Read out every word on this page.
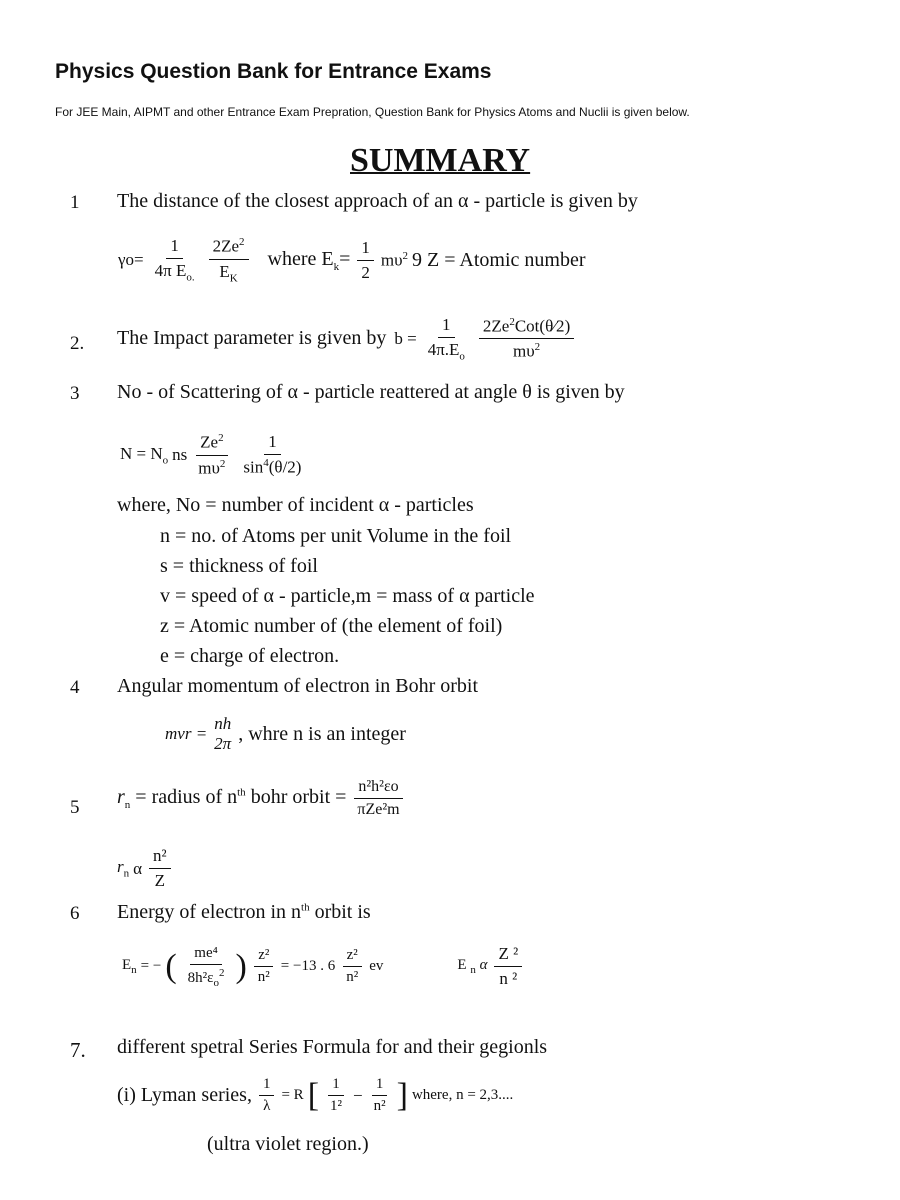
Physics Question Bank for Entrance Exams
For JEE Main, AIPMT and other Entrance Exam Prepration, Question Bank for Physics Atoms and Nuclii is given below.
SUMMARY
1 The distance of the closest approach of an α - particle is given by
$\gamma o= \frac{1}{4\pi E_{o.}} 2Ze^2$
$E_K$
where $E_k= \frac{1}{2} m\upsilon^2$ 9 Z = Atomic number
2. The Impact parameter is given by $b = \frac{1}{4\pi.E_o}$ 2Ze$^2$Cot(θ⁄2)
$m\upsilon^2$
3 No - of Scattering of α - particle reattered at angle θ is given by
$N = N_o$ ns
Ze$^2$
$m\upsilon^2$
1
$\sin^4(\theta/2)$
where, No = number of incident α - particles
n = no. of Atoms per unit Volume in the foil
s = thickness of foil
v = speed of α - particle,m = mass of α particle
z = Atomic number of (the element of foil)
e = charge of electron.
4 Angular momentum of electron in Bohr orbit
mvr =
nh
2π , whre n is an integer
5 $r_n$ = radius of $n^{th}$ bohr orbit = n²h²εo
πZe²m
$r_n$ α
n²
Z
6 Energy of electron in $n^{th}$ orbit is
$E_n$ = − ( me⁴
$8h^2\varepsilon_o^2$ ) $\frac{\text{z²}}{\text{n²}} = -13$ . 6
z²
n²
ev	E $_n$ α
Z ²
n ²
7. different spetral Series Formula for and their gegionls
(i) Lyman series, $\frac{1}{\lambda} = R$ [ 1
1²
− $\frac{1}{\text{n²}}$ ] where, n = 2,3....
(ultra violet region.)
